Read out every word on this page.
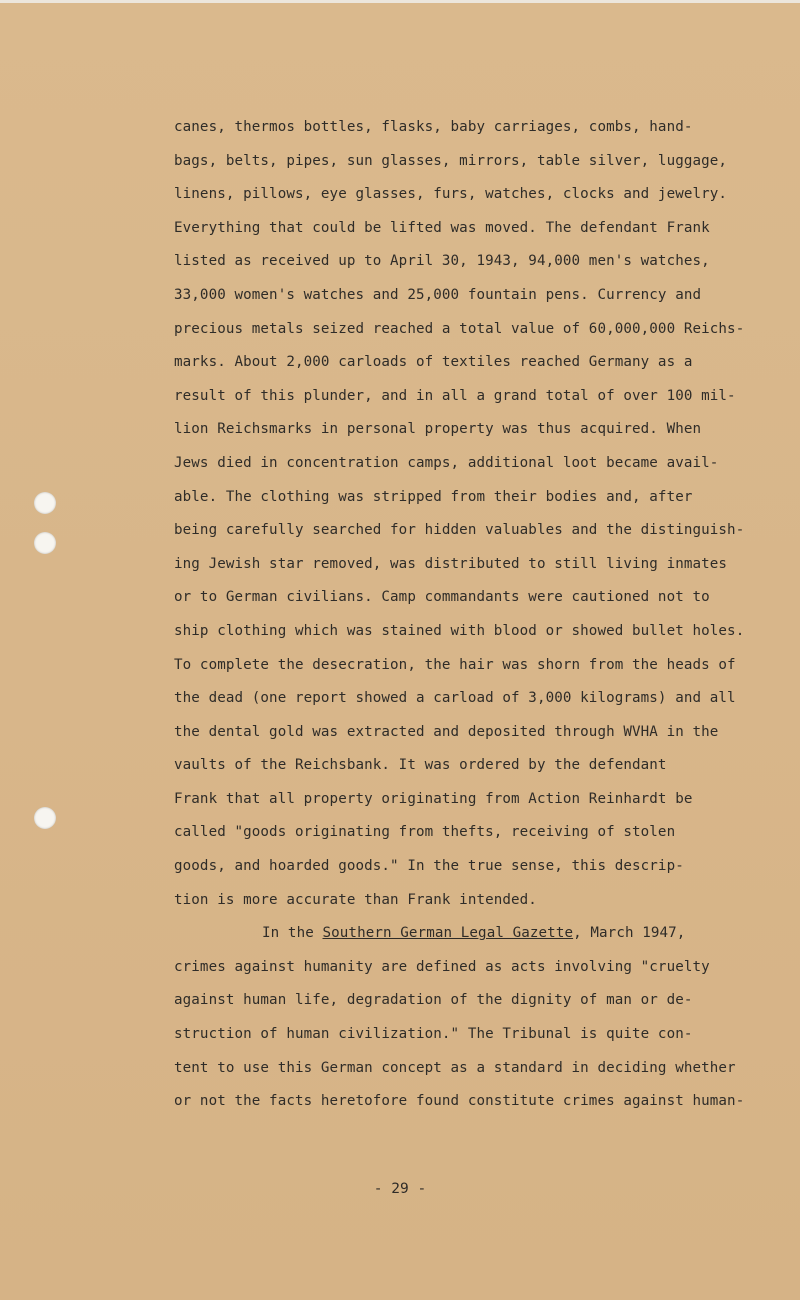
canes, thermos bottles, flasks, baby carriages, combs, hand-
bags, belts, pipes, sun glasses, mirrors, table silver, luggage,
linens, pillows, eye glasses, furs, watches, clocks and jewelry.
Everything that could be lifted was moved. The defendant Frank
listed as received up to April 30, 1943, 94,000 men's watches,
33,000 women's watches and 25,000 fountain pens. Currency and
precious metals seized reached a total value of 60,000,000 Reichs-
marks. About 2,000 carloads of textiles reached Germany as a
result of this plunder, and in all a grand total of over 100 mil-
lion Reichsmarks in personal property was thus acquired. When
Jews died in concentration camps, additional loot became avail-
able. The clothing was stripped from their bodies and, after
being carefully searched for hidden valuables and the distinguish-
ing Jewish star removed, was distributed to still living inmates
or to German civilians. Camp commandants were cautioned not to
ship clothing which was stained with blood or showed bullet holes.
To complete the desecration, the hair was shorn from the heads of
the dead (one report showed a carload of 3,000 kilograms) and all
the dental gold was extracted and deposited through WVHA in the
vaults of the Reichsbank. It was ordered by the defendant
Frank that all property originating from Action Reinhardt be
called "goods originating from thefts, receiving of stolen
goods, and hoarded goods." In the true sense, this descrip-
tion is more accurate than Frank intended.
In the Southern German Legal Gazette, March 1947,
crimes against humanity are defined as acts involving "cruelty
against human life, degradation of the dignity of man or de-
struction of human civilization." The Tribunal is quite con-
tent to use this German concept as a standard in deciding whether
or not the facts heretofore found constitute crimes against human-
- 29 -
